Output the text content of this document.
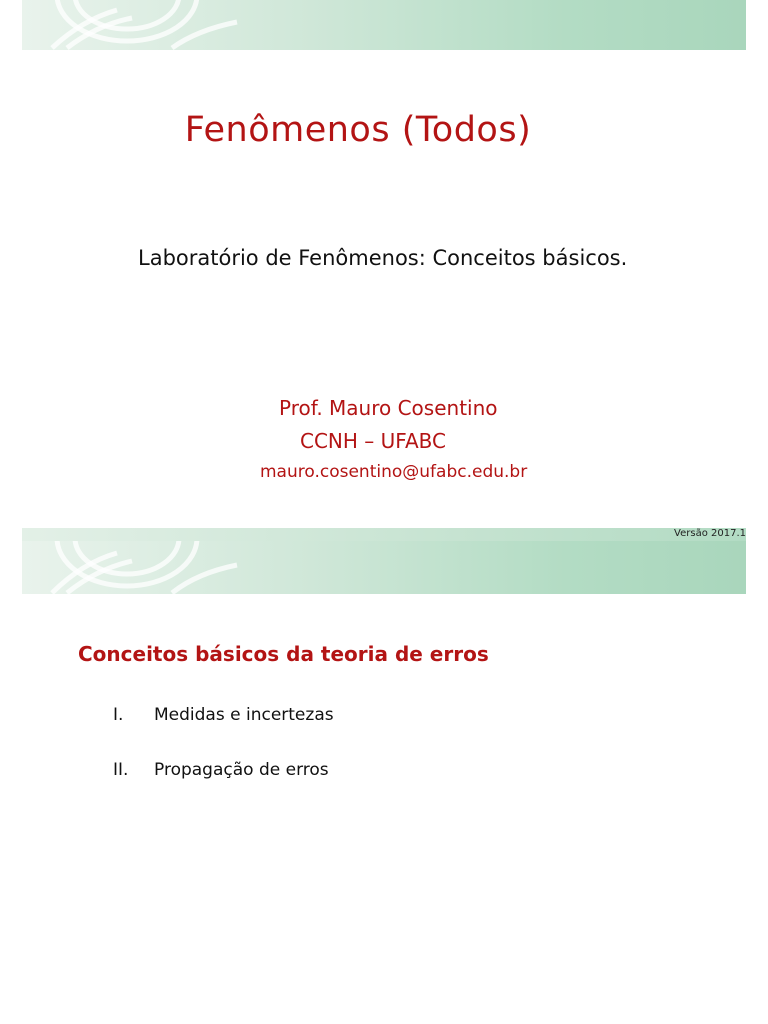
Fenômenos (Todos)
Laboratório de Fenômenos: Conceitos básicos.
Prof. Mauro Cosentino
CCNH – UFABC
mauro.cosentino@ufabc.edu.br
Versão 2017.1
Conceitos básicos da teoria de erros
I. Medidas e incertezas
II. Propagação de erros
